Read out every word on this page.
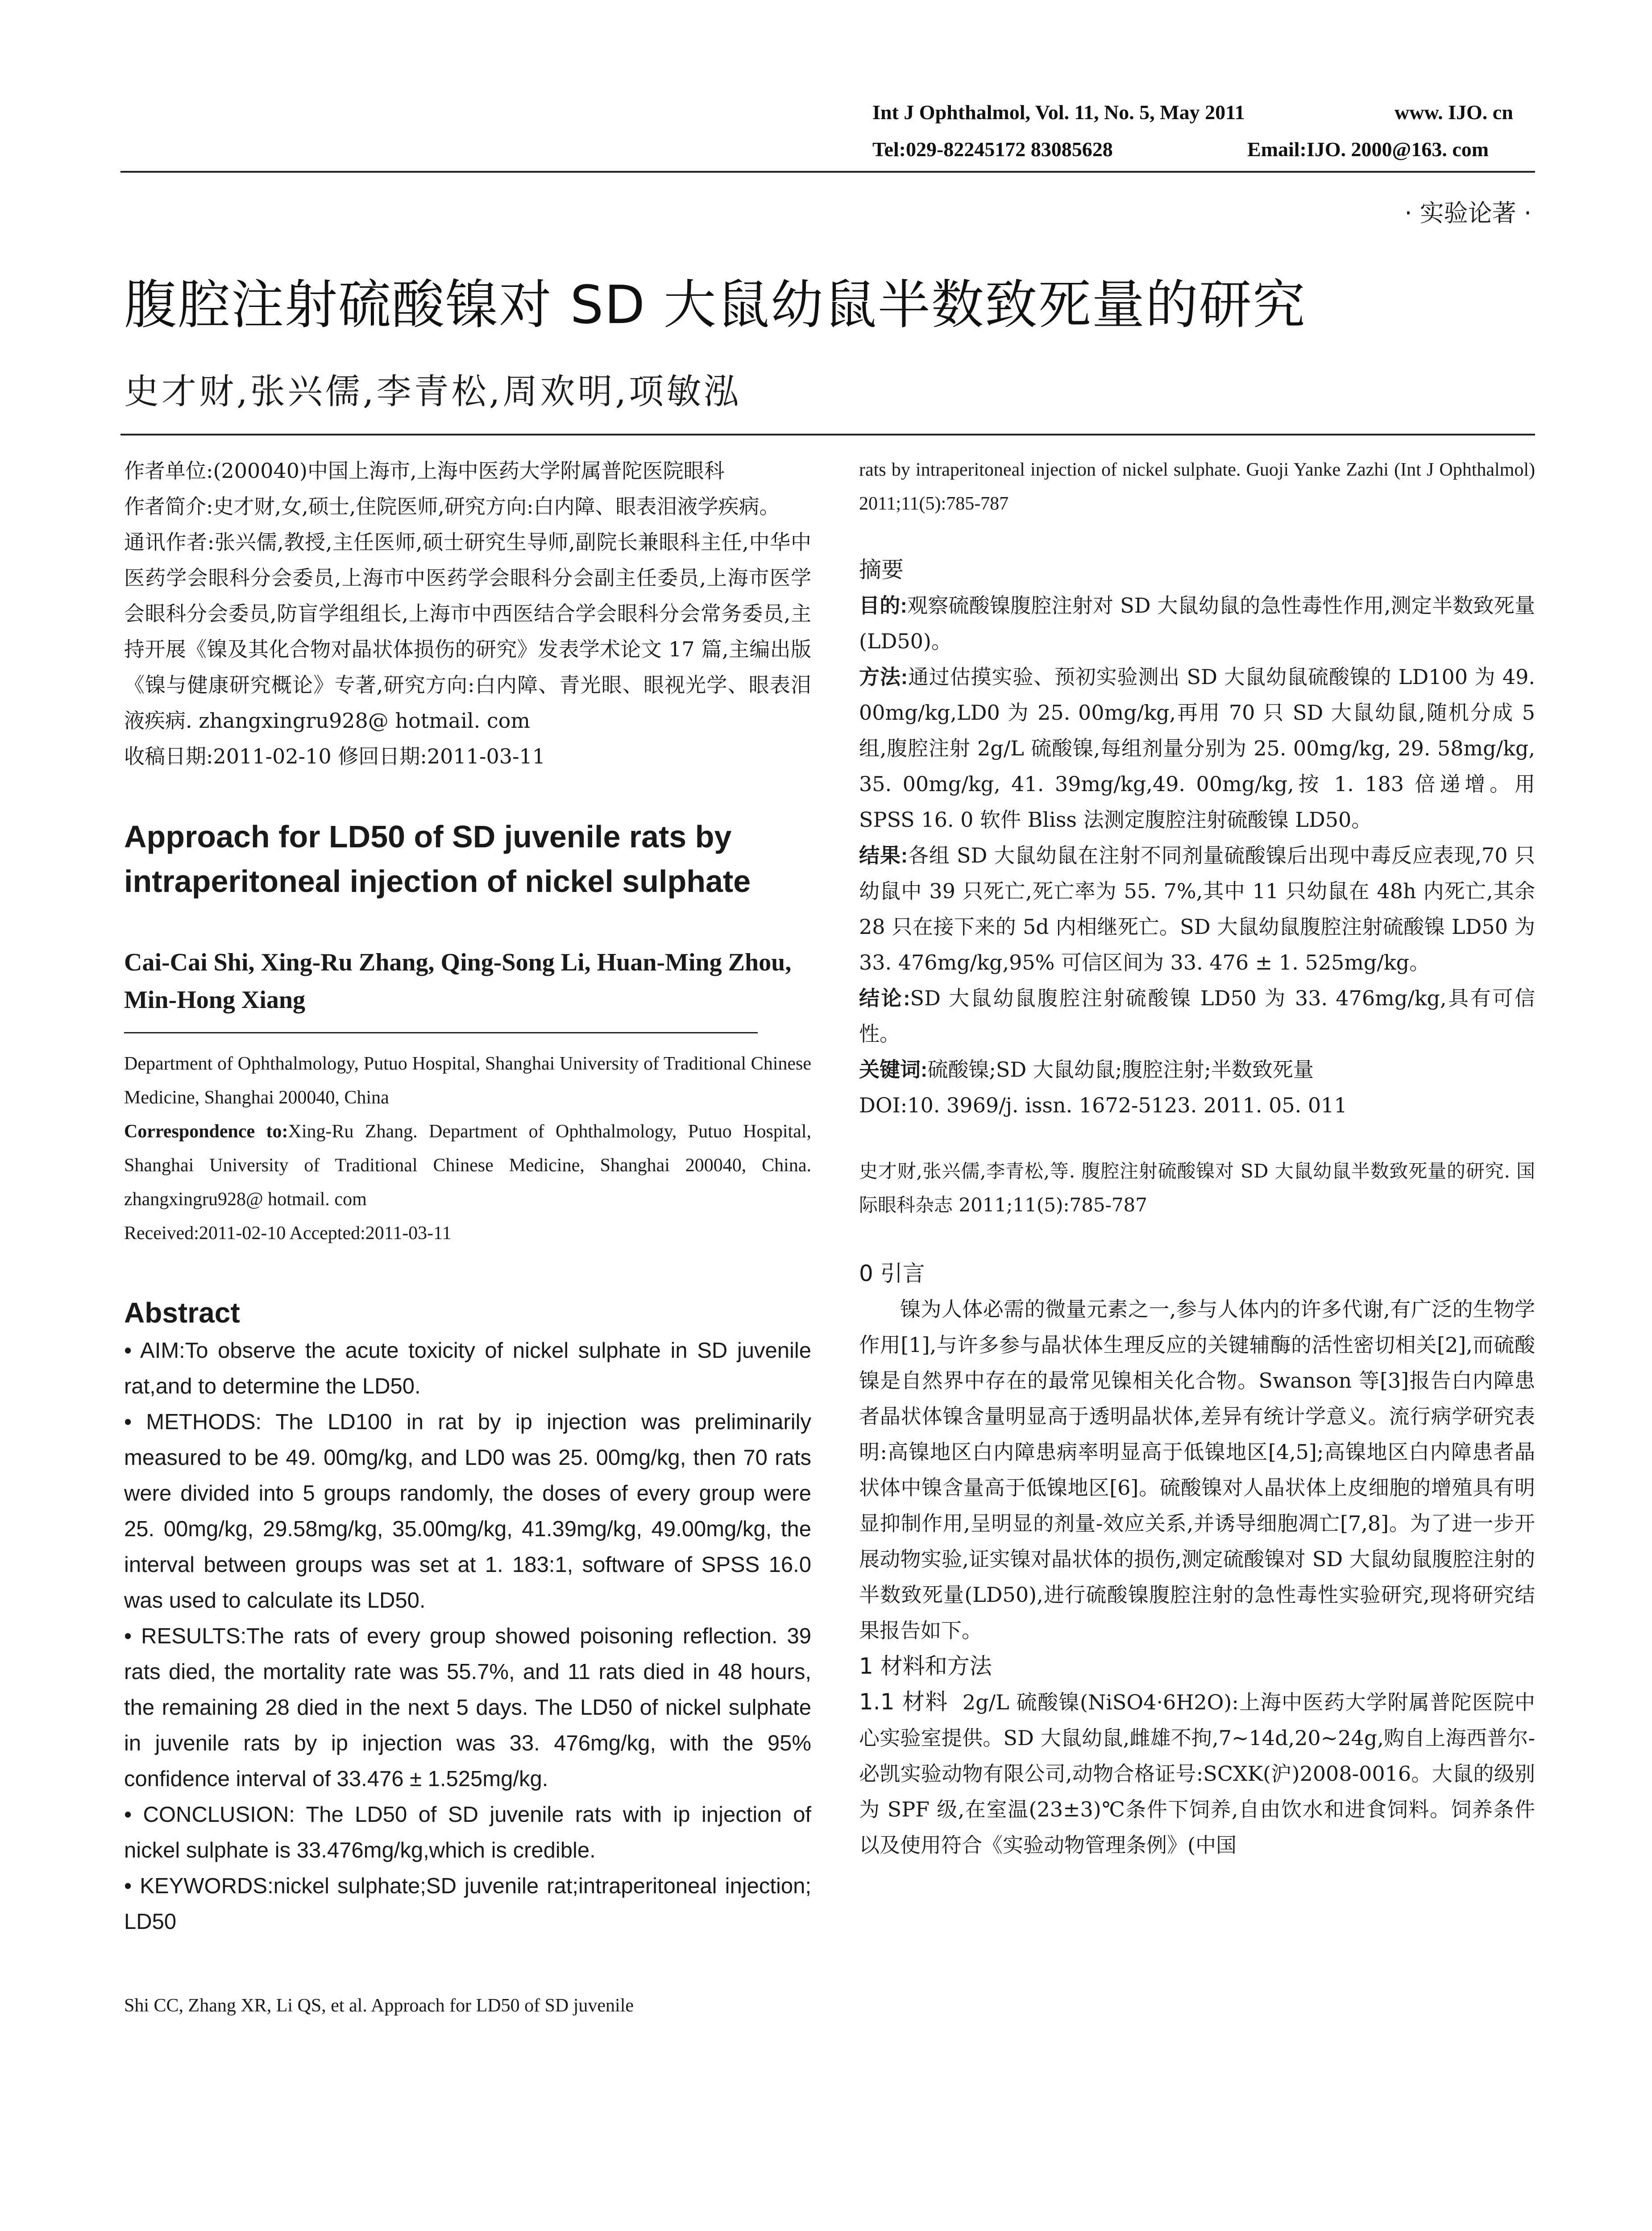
Int J Ophthalmol, Vol. 11, No. 5, May 2011	www. IJO. cn
Tel:029-82245172 83085628	Email:IJO. 2000@163. com
· 实验论著 ·
腹腔注射硫酸镍对 SD 大鼠幼鼠半数致死量的研究
史才财,张兴儒,李青松,周欢明,项敏泓

作者单位:(200040)中国上海市,上海中医药大学附属普陀医院眼科

作者简介:史才财,女,硕士,住院医师,研究方向:白内障、眼表泪液学疾病。

通讯作者:张兴儒,教授,主任医师,硕士研究生导师,副院长兼眼科主任,中华中医药学会眼科分会委员,上海市中医药学会眼科分会副主任委员,上海市医学会眼科分会委员,防盲学组组长,上海市中西医结合学会眼科分会常务委员,主持开展《镍及其化合物对晶状体损伤的研究》发表学术论文 17 篇,主编出版《镍与健康研究概论》专著,研究方向:白内障、青光眼、眼视光学、眼表泪液疾病. zhangxingru928@ hotmail. com

收稿日期:2011-02-10 修回日期:2011-03-11

Approach for LD50 of SD juvenile rats by intraperitoneal injection of nickel sulphate
Cai-Cai Shi, Xing-Ru Zhang, Qing-Song Li, Huan-Ming Zhou, Min-Hong Xiang
Department of Ophthalmology, Putuo Hospital, Shanghai University of Traditional Chinese Medicine, Shanghai 200040, China
Correspondence to:Xing-Ru Zhang. Department of Ophthalmology, Putuo Hospital, Shanghai University of Traditional Chinese Medicine, Shanghai 200040, China. zhangxingru928@ hotmail. com
Received:2011-02-10 Accepted:2011-03-11
Abstract
• AIM:To observe the acute toxicity of nickel sulphate in SD juvenile rat,and to determine the LD50.
• METHODS: The LD100 in rat by ip injection was preliminarily measured to be 49. 00mg/kg, and LD0 was 25. 00mg/kg, then 70 rats were divided into 5 groups randomly, the doses of every group were 25. 00mg/kg, 29.58mg/kg, 35.00mg/kg, 41.39mg/kg, 49.00mg/kg, the interval between groups was set at 1. 183:1, software of SPSS 16.0 was used to calculate its LD50.
• RESULTS:The rats of every group showed poisoning reflection. 39 rats died, the mortality rate was 55.7%, and 11 rats died in 48 hours, the remaining 28 died in the next 5 days. The LD50 of nickel sulphate in juvenile rats by ip injection was 33. 476mg/kg, with the 95% confidence interval of 33.476 ± 1.525mg/kg.
• CONCLUSION: The LD50 of SD juvenile rats with ip injection of nickel sulphate is 33.476mg/kg,which is credible.
• KEYWORDS:nickel sulphate;SD juvenile rat;intraperitoneal injection; LD50
Shi CC, Zhang XR, Li QS, et al. Approach for LD50 of SD juvenile

rats by intraperitoneal injection of nickel sulphate. Guoji Yanke Zazhi (Int J Ophthalmol) 2011;11(5):785-787

摘要

目的:观察硫酸镍腹腔注射对 SD 大鼠幼鼠的急性毒性作用,测定半数致死量(LD50)。

方法:通过估摸实验、预初实验测出 SD 大鼠幼鼠硫酸镍的 LD100 为 49. 00mg/kg,LD0 为 25. 00mg/kg,再用 70 只 SD 大鼠幼鼠,随机分成 5 组,腹腔注射 2g/L 硫酸镍,每组剂量分别为 25. 00mg/kg, 29. 58mg/kg, 35. 00mg/kg, 41. 39mg/kg,49. 00mg/kg,按 1. 183 倍递增。用 SPSS 16. 0 软件 Bliss 法测定腹腔注射硫酸镍 LD50。

结果:各组 SD 大鼠幼鼠在注射不同剂量硫酸镍后出现中毒反应表现,70 只幼鼠中 39 只死亡,死亡率为 55. 7%,其中 11 只幼鼠在 48h 内死亡,其余 28 只在接下来的 5d 内相继死亡。SD 大鼠幼鼠腹腔注射硫酸镍 LD50 为 33. 476mg/kg,95% 可信区间为 33. 476 ± 1. 525mg/kg。

结论:SD 大鼠幼鼠腹腔注射硫酸镍 LD50 为 33. 476mg/kg,具有可信性。

关键词:硫酸镍;SD 大鼠幼鼠;腹腔注射;半数致死量

DOI:10. 3969/j. issn. 1672-5123. 2011. 05. 011

史才财,张兴儒,李青松,等. 腹腔注射硫酸镍对 SD 大鼠幼鼠半数致死量的研究. 国际眼科杂志 2011;11(5):785-787

0 引言

镍为人体必需的微量元素之一,参与人体内的许多代谢,有广泛的生物学作用[1],与许多参与晶状体生理反应的关键辅酶的活性密切相关[2],而硫酸镍是自然界中存在的最常见镍相关化合物。Swanson 等[3]报告白内障患者晶状体镍含量明显高于透明晶状体,差异有统计学意义。流行病学研究表明:高镍地区白内障患病率明显高于低镍地区[4,5];高镍地区白内障患者晶状体中镍含量高于低镍地区[6]。硫酸镍对人晶状体上皮细胞的增殖具有明显抑制作用,呈明显的剂量-效应关系,并诱导细胞凋亡[7,8]。为了进一步开展动物实验,证实镍对晶状体的损伤,测定硫酸镍对 SD 大鼠幼鼠腹腔注射的半数致死量(LD50),进行硫酸镍腹腔注射的急性毒性实验研究,现将研究结果报告如下。

1 材料和方法

1.1 材料 2g/L 硫酸镍(NiSO4·6H2O):上海中医药大学附属普陀医院中心实验室提供。SD 大鼠幼鼠,雌雄不拘,7~14d,20~24g,购自上海西普尔-必凯实验动物有限公司,动物合格证号:SCXK(沪)2008-0016。大鼠的级别为 SPF 级,在室温(23±3)℃条件下饲养,自由饮水和进食饲料。饲养条件以及使用符合《实验动物管理条例》(中国
